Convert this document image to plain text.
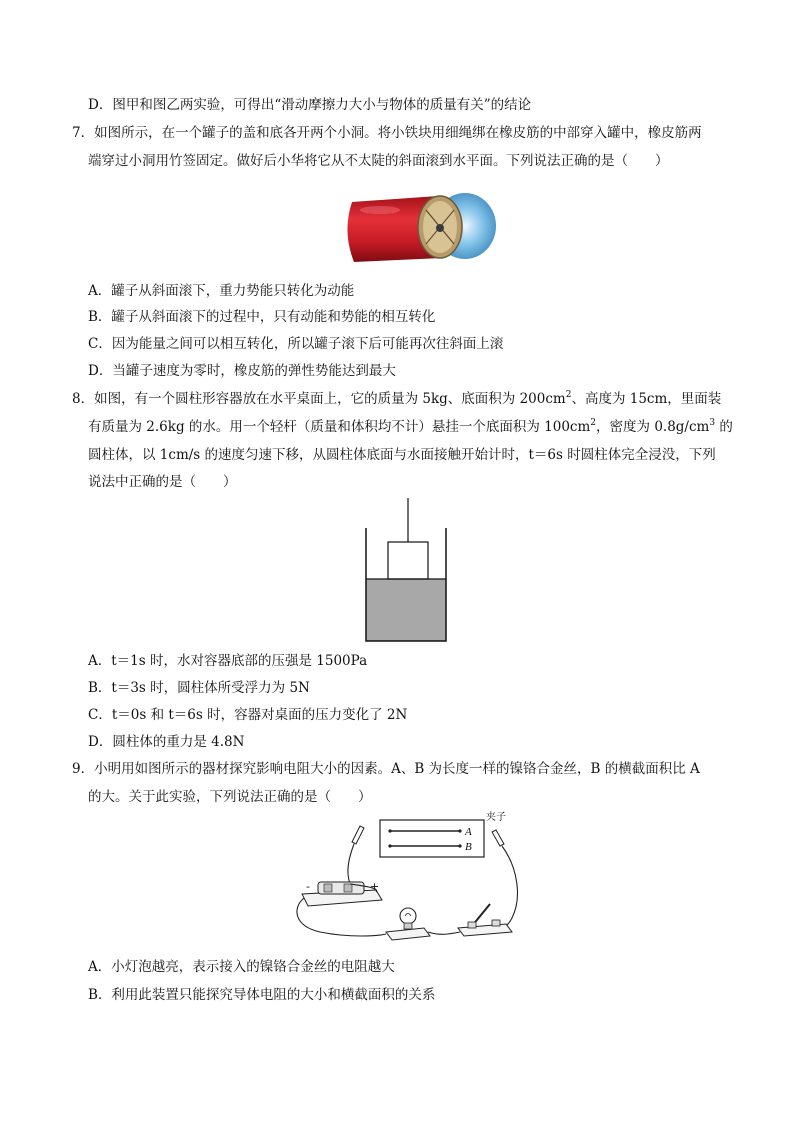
D．图甲和图乙两实验，可得出“滑动摩擦力大小与物体的质量有关”的结论
7．如图所示，在一个罐子的盖和底各开两个小洞。将小铁块用细绳绑在橡皮筋的中部穿入罐中，橡皮筋两
端穿过小洞用竹签固定。做好后小华将它从不太陡的斜面滚到水平面。下列说法正确的是（　　）
A．罐子从斜面滚下，重力势能只转化为动能
B．罐子从斜面滚下的过程中，只有动能和势能的相互转化
C．因为能量之间可以相互转化，所以罐子滚下后可能再次往斜面上滚
D．当罐子速度为零时，橡皮筋的弹性势能达到最大
8．如图，有一个圆柱形容器放在水平桌面上，它的质量为 5kg、底面积为 $200cm^2$、高度为 15cm，里面装
有质量为 2.6kg 的水。用一个轻杆（质量和体积均不计）悬挂一个底面积为 $100cm^2$，密度为 $0.8g/cm^3$ 的
圆柱体，以 1cm/s 的速度匀速下移，从圆柱体底面与水面接触开始计时，t＝6s 时圆柱体完全浸没，下列
说法中正确的是（　　）
A．t＝1s 时，水对容器底部的压强是 1500Pa
B．t＝3s 时，圆柱体所受浮力为 5N
C．t＝0s 和 t＝6s 时，容器对桌面的压力变化了 2N
D．圆柱体的重力是 4.8N
9．小明用如图所示的器材探究影响电阻大小的因素。A、B 为长度一样的镍铬合金丝，B 的横截面积比 A
的大。关于此实验，下列说法正确的是（　　）
A
B
夹子
-	+
A．小灯泡越亮，表示接入的镍铬合金丝的电阻越大
B．利用此装置只能探究导体电阻的大小和横截面积的关系
